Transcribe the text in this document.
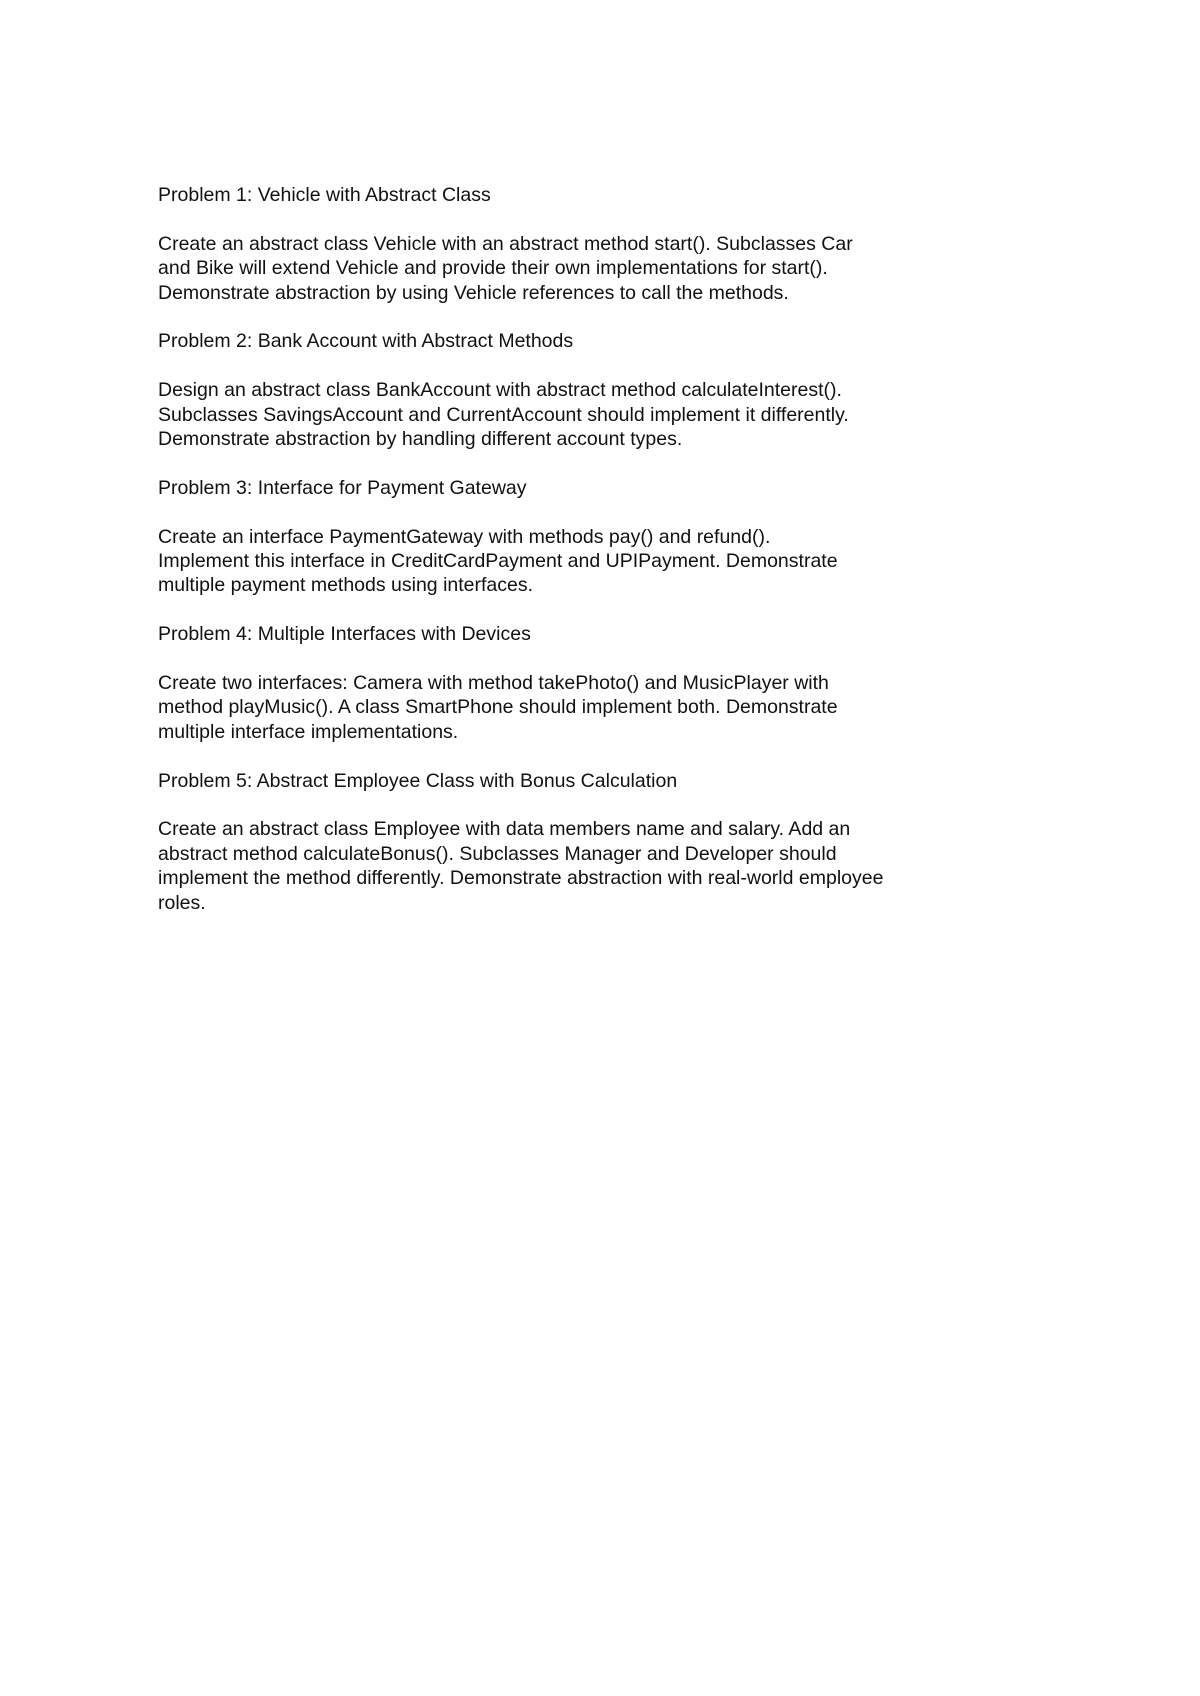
Problem 1: Vehicle with Abstract Class

Create an abstract class Vehicle with an abstract method start(). Subclasses Car
and Bike will extend Vehicle and provide their own implementations for start().
Demonstrate abstraction by using Vehicle references to call the methods.

Problem 2: Bank Account with Abstract Methods

Design an abstract class BankAccount with abstract method calculateInterest().
Subclasses SavingsAccount and CurrentAccount should implement it differently.
Demonstrate abstraction by handling different account types.

Problem 3: Interface for Payment Gateway

Create an interface PaymentGateway with methods pay() and refund().
Implement this interface in CreditCardPayment and UPIPayment. Demonstrate
multiple payment methods using interfaces.

Problem 4: Multiple Interfaces with Devices

Create two interfaces: Camera with method takePhoto() and MusicPlayer with
method playMusic(). A class SmartPhone should implement both. Demonstrate
multiple interface implementations.

Problem 5: Abstract Employee Class with Bonus Calculation

Create an abstract class Employee with data members name and salary. Add an
abstract method calculateBonus(). Subclasses Manager and Developer should
implement the method differently. Demonstrate abstraction with real-world employee
roles.
